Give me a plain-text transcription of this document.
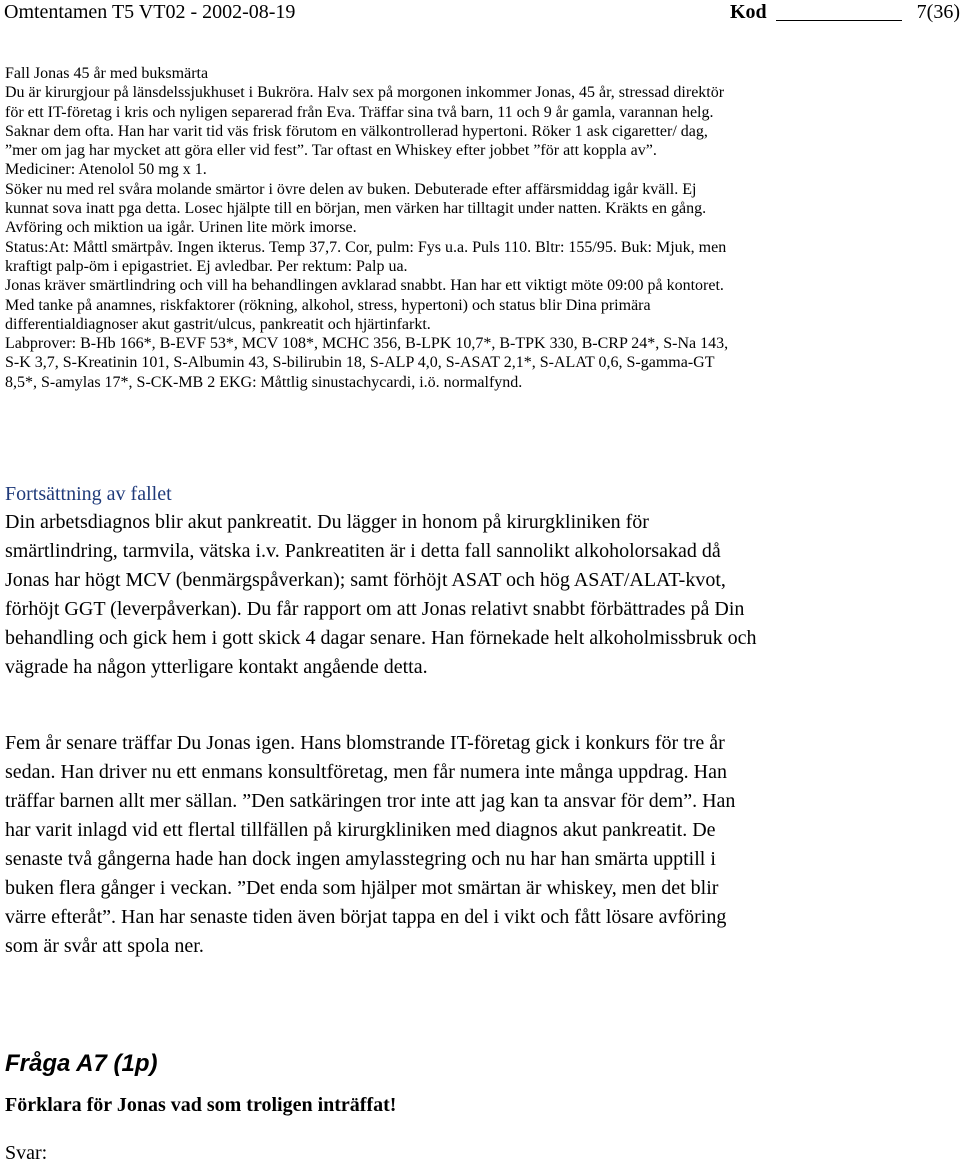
Omtentamen T5 VT02 - 2002-08-19	Kod	7(36)

Fall Jonas 45 år med buksmärta

Du är kirurgjour på länsdelssjukhuset i Bukröra. Halv sex på morgonen inkommer Jonas, 45 år, stressad direktör

för ett IT-företag i kris och nyligen separerad från Eva. Träffar sina två barn, 11 och 9 år gamla, varannan helg.

Saknar dem ofta. Han har varit tid väs frisk förutom en välkontrollerad hypertoni. Röker 1 ask cigaretter/ dag,

”mer om jag har mycket att göra eller vid fest”. Tar oftast en Whiskey efter jobbet ”för att koppla av”.

Mediciner: Atenolol 50 mg x 1.

Söker nu med rel svåra molande smärtor i övre delen av buken. Debuterade efter affärsmiddag igår kväll. Ej

kunnat sova inatt pga detta. Losec hjälpte till en början, men värken har tilltagit under natten. Kräkts en gång.

Avföring och miktion ua igår. Urinen lite mörk imorse.

Status:At: Måttl smärtpåv. Ingen ikterus. Temp 37,7. Cor, pulm: Fys u.a. Puls 110. Bltr: 155/95. Buk: Mjuk, men

kraftigt palp-öm i epigastriet. Ej avledbar. Per rektum: Palp ua.

Jonas kräver smärtlindring och vill ha behandlingen avklarad snabbt. Han har ett viktigt möte 09:00 på kontoret.

Med tanke på anamnes, riskfaktorer (rökning, alkohol, stress, hypertoni) och status blir Dina primära

differentialdiagnoser akut gastrit/ulcus, pankreatit och hjärtinfarkt.

Labprover: B-Hb 166*, B-EVF 53*, MCV 108*, MCHC 356, B-LPK 10,7*, B-TPK 330, B-CRP 24*, S-Na 143,

S-K 3,7, S-Kreatinin 101, S-Albumin 43, S-bilirubin 18, S-ALP 4,0, S-ASAT 2,1*, S-ALAT 0,6, S-gamma-GT

8,5*, S-amylas 17*, S-CK-MB 2 EKG: Måttlig sinustachycardi, i.ö. normalfynd.

Fortsättning av fallet

Din arbetsdiagnos blir akut pankreatit. Du lägger in honom på kirurgkliniken för

smärtlindring, tarmvila, vätska i.v. Pankreatiten är i detta fall sannolikt alkoholorsakad då

Jonas har högt MCV (benmärgspåverkan); samt förhöjt ASAT och hög ASAT/ALAT-kvot,

förhöjt GGT (leverpåverkan). Du får rapport om att Jonas relativt snabbt förbättrades på Din

behandling och gick hem i gott skick 4 dagar senare. Han förnekade helt alkoholmissbruk och

vägrade ha någon ytterligare kontakt angående detta.

Fem år senare träffar Du Jonas igen. Hans blomstrande IT-företag gick i konkurs för tre år

sedan. Han driver nu ett enmans konsultföretag, men får numera inte många uppdrag. Han

träffar barnen allt mer sällan. ”Den satkäringen tror inte att jag kan ta ansvar för dem”. Han

har varit inlagd vid ett flertal tillfällen på kirurgkliniken med diagnos akut pankreatit. De

senaste två gångerna hade han dock ingen amylasstegring och nu har han smärta upptill i

buken flera gånger i veckan. ”Det enda som hjälper mot smärtan är whiskey, men det blir

värre efteråt”. Han har senaste tiden även börjat tappa en del i vikt och fått lösare avföring

som är svår att spola ner.

Fråga A7 (1p)
Förklara för Jonas vad som troligen inträffat!
Svar:
